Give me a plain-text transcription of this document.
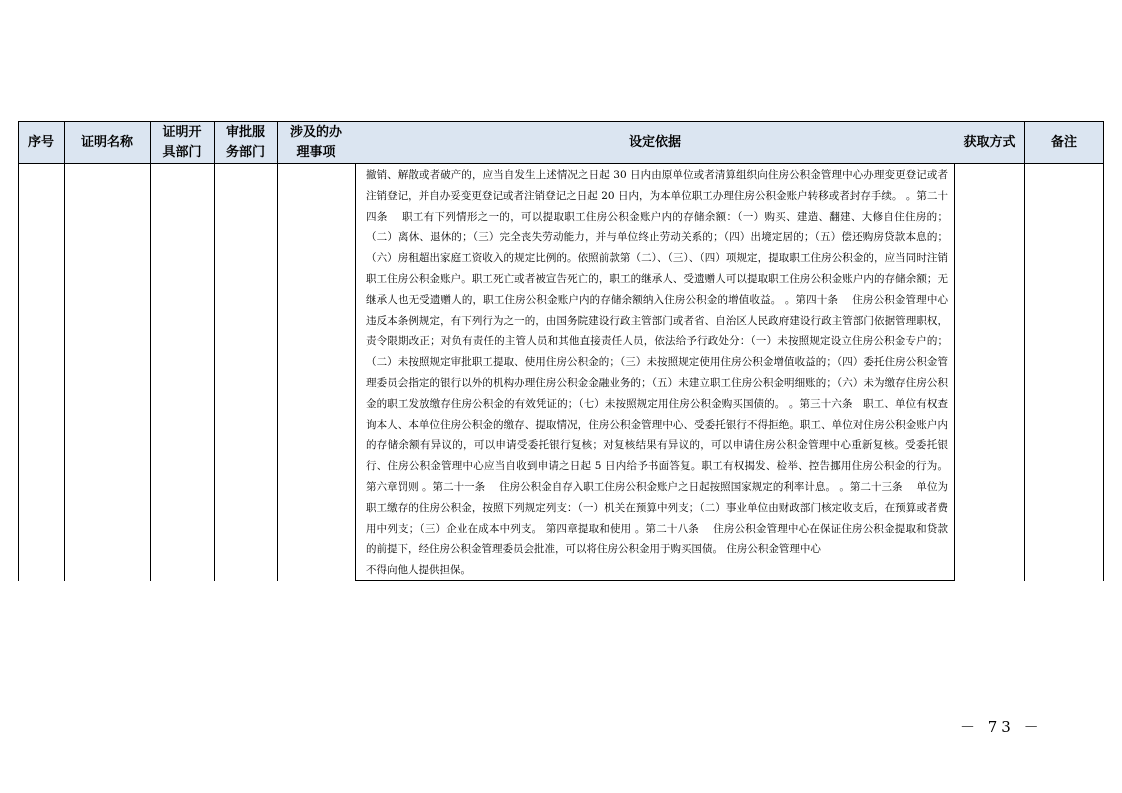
序号 证明名称
证明开
具部门
审批服
务部门
涉及的办
理事项
设定依据	获取方式	备注
撤销、解散或者破产的，应当自发生上述情况之日起 30 日内由原单位或者清算组织向住房公积金管理中心办理变更登记或者注销登记，并自办妥变更登记或者注销登记之日起 20 日内，为本单位职工办理住房公积金账户转移或者封存手续。 。第二十四条　 职工有下列情形之一的，可以提取职工住房公积金账户内的存储余额：（一）购买、建造、翻建、大修自住住房的；（二）离休、退休的；（三）完全丧失劳动能力，并与单位终止劳动关系的；（四）出境定居的；（五）偿还购房贷款本息的；（六）房租超出家庭工资收入的规定比例的。依照前款第（二）、（三）、（四）项规定，提取职工住房公积金的，应当同时注销职工住房公积金账户。职工死亡或者被宣告死亡的，职工的继承人、受遗赠人可以提取职工住房公积金账户内的存储余额；无继承人也无受遗赠人的，职工住房公积金账户内的存储余额纳入住房公积金的增值收益。 。第四十条　 住房公积金管理中心违反本条例规定，有下列行为之一的，由国务院建设行政主管部门或者省、自治区人民政府建设行政主管部门依据管理职权，责令限期改正；对负有责任的主管人员和其他直接责任人员，依法给予行政处分：（一）未按照规定设立住房公积金专户的；（二）未按照规定审批职工提取、使用住房公积金的；（三）未按照规定使用住房公积金增值收益的；（四）委托住房公积金管理委员会指定的银行以外的机构办理住房公积金金融业务的；（五）未建立职工住房公积金明细账的；（六）未为缴存住房公积金的职工发放缴存住房公积金的有效凭证的；（七）未按照规定用住房公积金购买国债的。 。第三十六条　职工、单位有权查询本人、本单位住房公积金的缴存、提取情况，住房公积金管理中心、受委托银行不得拒绝。职工、单位对住房公积金账户内的存储余额有异议的，可以申请受委托银行复核；对复核结果有异议的，可以申请住房公积金管理中心重新复核。受委托银行、住房公积金管理中心应当自收到申请之日起 5 日内给予书面答复。职工有权揭发、检举、控告挪用住房公积金的行为。 第六章罚则 。第二十一条　 住房公积金自存入职工住房公积金账户之日起按照国家规定的利率计息。 。第二十三条　 单位为职工缴存的住房公积金，按照下列规定列支：（一）机关在预算中列支；（二）事业单位由财政部门核定收支后，在预算或者费用中列支；（三）企业在成本中列支。 第四章提取和使用 。第二十八条　 住房公积金管理中心在保证住房公积金提取和贷款的前提下，经住房公积金管理委员会批准，可以将住房公积金用于购买国债。 住房公积金管理中心
不得向他人提供担保。
－ 73 －
